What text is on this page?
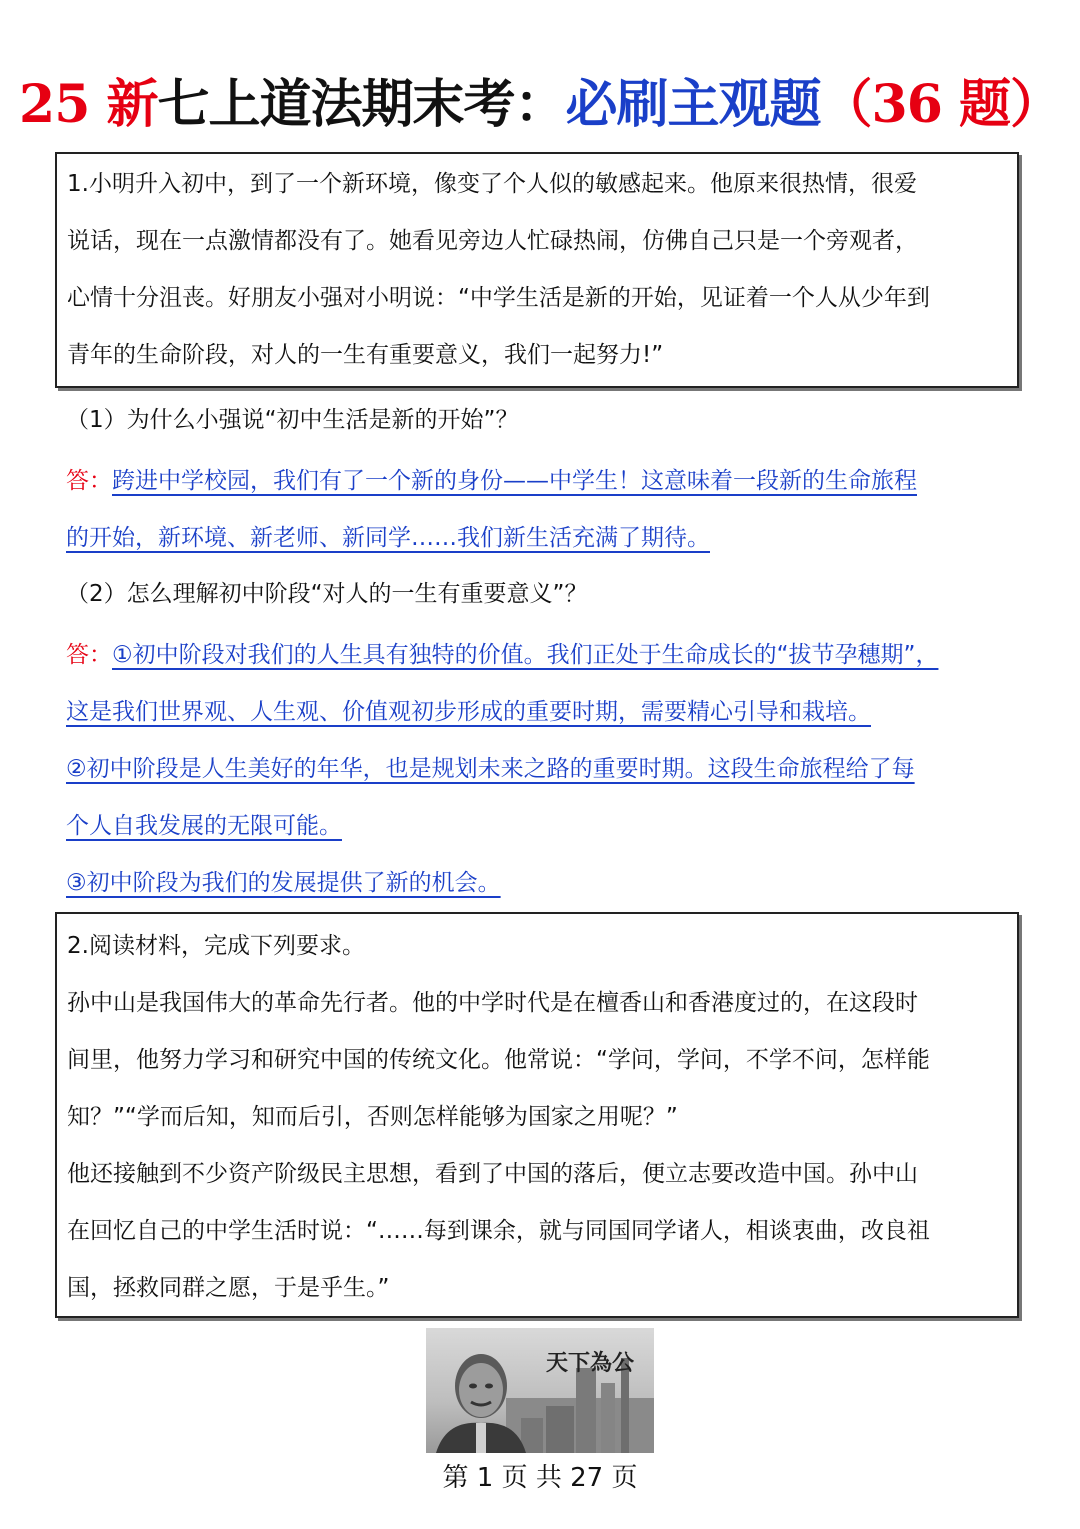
25 新七上道法期末考：必刷主观题（36 题）

1.小明升入初中，到了一个新环境，像变了个人似的敏感起来。他原来很热情，很爱

说话，现在一点激情都没有了。她看见旁边人忙碌热闹，仿佛自己只是一个旁观者，

心情十分沮丧。好朋友小强对小明说：“中学生活是新的开始，见证着一个人从少年到

青年的生命阶段，对人的一生有重要意义，我们一起努力!”

（1）为什么小强说“初中生活是新的开始”？
答：跨进中学校园，我们有了一个新的身份——中学生！这意味着一段新的生命旅程
的开始，新环境、新老师、新同学……我们新生活充满了期待。
（2）怎么理解初中阶段“对人的一生有重要意义”？
答：①初中阶段对我们的人生具有独特的价值。我们正处于生命成长的“拔节孕穗期”，
这是我们世界观、人生观、价值观初步形成的重要时期，需要精心引导和栽培。
②初中阶段是人生美好的年华，也是规划未来之路的重要时期。这段生命旅程给了每
个人自我发展的无限可能。
③初中阶段为我们的发展提供了新的机会。

2.阅读材料，完成下列要求。

孙中山是我国伟大的革命先行者。他的中学时代是在檀香山和香港度过的，在这段时

间里，他努力学习和研究中国的传统文化。他常说：“学问，学问，不学不问，怎样能

知？”“学而后知，知而后引，否则怎样能够为国家之用呢？”

他还接触到不少资产阶级民主思想，看到了中国的落后，便立志要改造中国。孙中山

在回忆自己的中学生活时说：“……每到课余，就与同国同学诸人，相谈衷曲，改良祖

国，拯救同群之愿，于是乎生。”

天下為公
第 1 页 共 27 页
